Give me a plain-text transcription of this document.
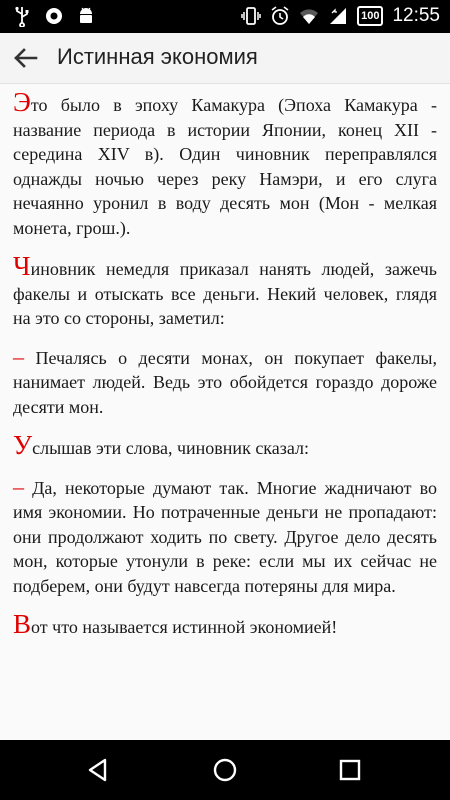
100 12:55
Истинная экономия

Это было в эпоху Камакура (Эпоха Камакура - название периода в истории Японии, конец XII - середина XIV в). Один чиновник переправлялся однажды ночью через реку Намэри, и его слуга нечаянно уронил в воду десять мон (Мон - мелкая монета, грош.).

Чиновник немедля приказал нанять людей, зажечь факелы и отыскать все деньги. Некий человек, глядя на это со стороны, заметил:

– Печалясь о десяти монах, он покупает факелы, нанимает людей. Ведь это обойдется гораздо дороже десяти мон.

Услышав эти слова, чиновник сказал:

– Да, некоторые думают так. Многие жадничают во имя экономии. Но потраченные деньги не пропадают: они продолжают ходить по свету. Другое дело десять мон, которые утонули в реке: если мы их сейчас не подберем, они будут навсегда потеряны для мира.

Вот что называется истинной экономией!
